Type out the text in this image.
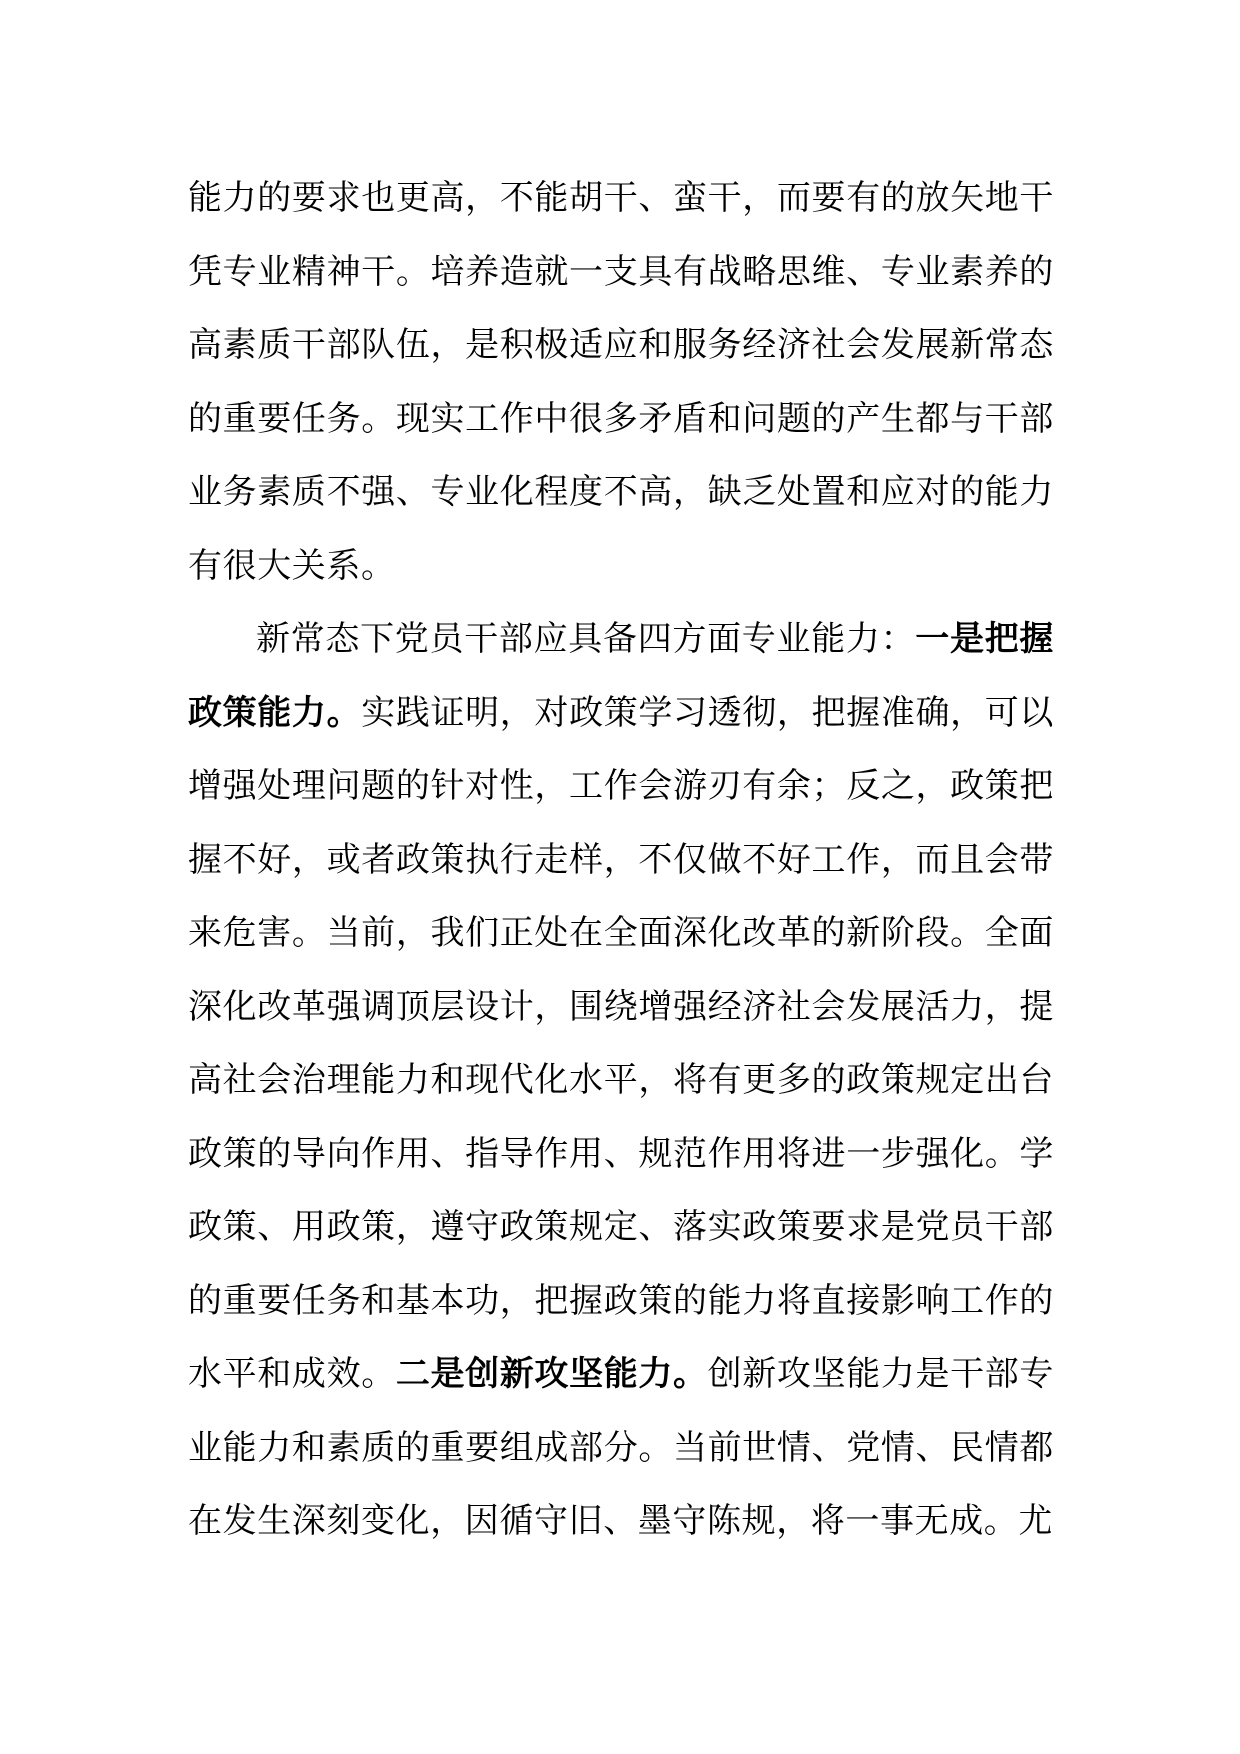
能力的要求也更高，不能胡干、蛮干，而要有的放矢地干凭专业精神干。培养造就一支具有战略思维、专业素养的高素质干部队伍，是积极适应和服务经济社会发展新常态的重要任务。现实工作中很多矛盾和问题的产生都与干部业务素质不强、专业化程度不高，缺乏处置和应对的能力有很大关系。

新常态下党员干部应具备四方面专业能力：一是把握政策能力。实践证明，对政策学习透彻，把握准确，可以增强处理问题的针对性，工作会游刃有余；反之，政策把握不好，或者政策执行走样，不仅做不好工作，而且会带来危害。当前，我们正处在全面深化改革的新阶段。全面深化改革强调顶层设计，围绕增强经济社会发展活力，提高社会治理能力和现代化水平，将有更多的政策规定出台政策的导向作用、指导作用、规范作用将进一步强化。学政策、用政策，遵守政策规定、落实政策要求是党员干部的重要任务和基本功，把握政策的能力将直接影响工作的水平和成效。二是创新攻坚能力。创新攻坚能力是干部专业能力和素质的重要组成部分。当前世情、党情、民情都在发生深刻变化，因循守旧、墨守陈规，将一事无成。尤
